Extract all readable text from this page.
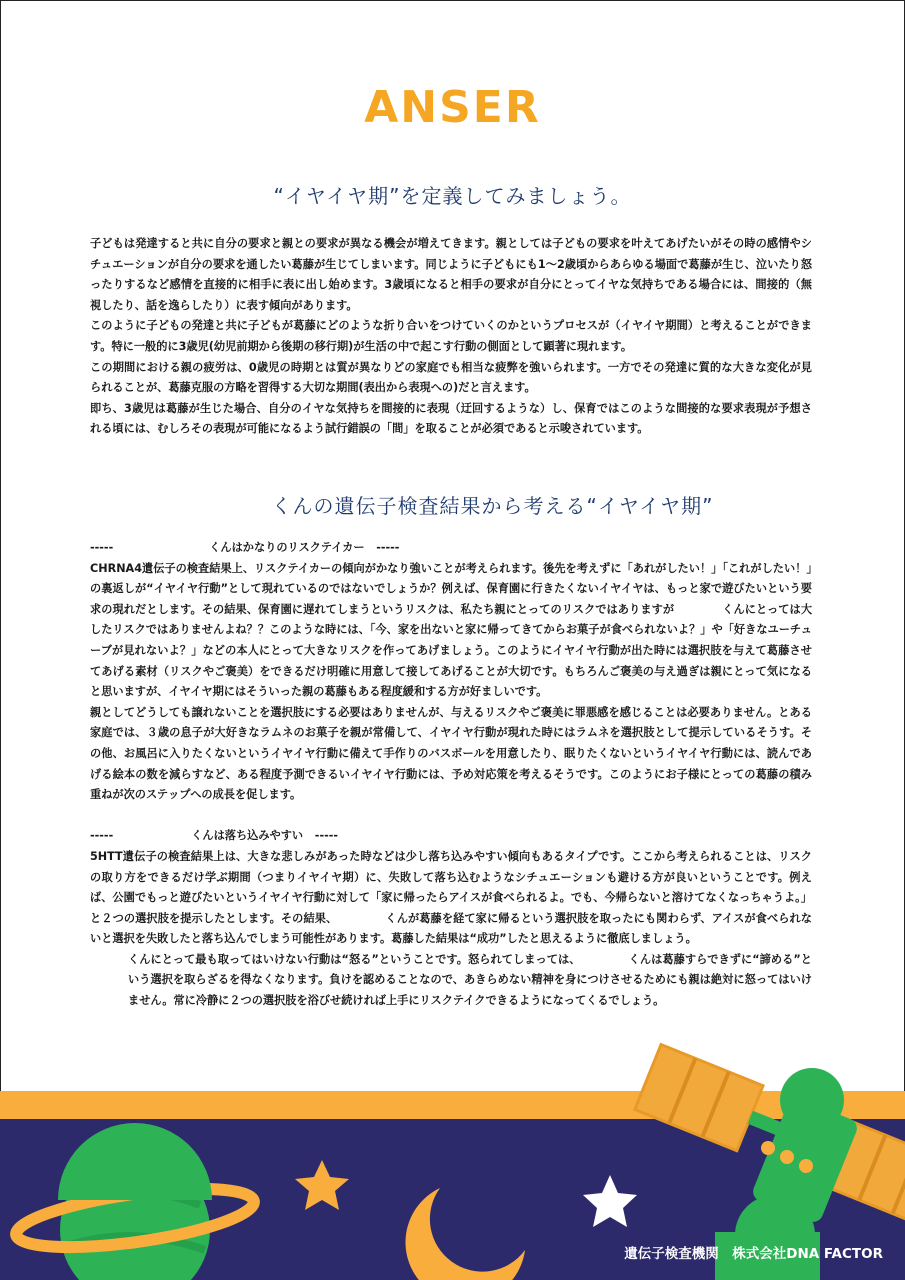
ANSER
“イヤイヤ期”を定義してみましょう。

子どもは発達すると共に自分の要求と親との要求が異なる機会が増えてきます。親としては子どもの要求を叶えてあげたいがその時の感情やシチュエーションが自分の要求を通したい葛藤が生じてしまいます。同じように子どもにも1〜2歳頃からあらゆる場面で葛藤が生じ、泣いたり怒ったりするなど感情を直接的に相手に表に出し始めます。3歳頃になると相手の要求が自分にとってイヤな気持ちである場合には、間接的（無視したり、話を逸らしたり）に表す傾向があります。

このように子どもの発達と共に子どもが葛藤にどのような折り合いをつけていくのかというプロセスが（イヤイヤ期間）と考えることができます。特に一般的に3歳児(幼児前期から後期の移行期)が生活の中で起こす行動の側面として顕著に現れます。

この期間における親の疲労は、0歳児の時期とは質が異なりどの家庭でも相当な疲弊を強いられます。一方でその発達に質的な大きな変化が見られることが、葛藤克服の方略を習得する大切な期間(表出から表現への)だと言えます。

即ち、3歳児は葛藤が生じた場合、自分のイヤな気持ちを間接的に表現（迂回するような）し、保育ではこのような間接的な要求表現が予想される頃には、むしろその表現が可能になるよう試行錯誤の「間」を取ることが必須であると示唆されています。

くんの遺伝子検査結果から考える“イヤイヤ期”

-----	くんはかなりのリスクテイカー -----

CHRNA4遺伝子の検査結果上、リスクテイカーの傾向がかなり強いことが考えられます。後先を考えずに「あれがしたい！」「これがしたい！」の裏返しが“イヤイヤ行動”として現れているのではないでしょうか？例えば、保育園に行きたくないイヤイヤは、もっと家で遊びたいという要求の現れだとします。その結果、保育園に遅れてしまうというリスクは、私たち親にとってのリスクではありますが	くんにとっては大したリスクではありませんよね？？このような時には、「今、家を出ないと家に帰ってきてからお菓子が食べられないよ？」や「好きなユーチューブが見れないよ？」などの本人にとって大きなリスクを作ってあげましょう。このようにイヤイヤ行動が出た時には選択肢を与えて葛藤させてあげる素材（リスクやご褒美）をできるだけ明確に用意して接してあげることが大切です。もちろんご褒美の与え過ぎは親にとって気になると思いますが、イヤイヤ期にはそういった親の葛藤もある程度緩和する方が好ましいです。

親としてどうしても譲れないことを選択肢にする必要はありませんが、与えるリスクやご褒美に罪悪感を感じることは必要ありません。とある家庭では、３歳の息子が大好きなラムネのお菓子を親が常備して、イヤイヤ行動が現れた時にはラムネを選択肢として提示しているそうす。その他、お風呂に入りたくないというイヤイヤ行動に備えて手作りのバスボールを用意したり、眠りたくないというイヤイヤ行動には、読んであげる絵本の数を減らすなど、ある程度予測できるいイヤイヤ行動には、予め対応策を考えるそうです。このようにお子様にとっての葛藤の積み重ねが次のステップへの成長を促します。

-----	くんは落ち込みやすい -----

5HTT遺伝子の検査結果上は、大きな悲しみがあった時などは少し落ち込みやすい傾向もあるタイプです。ここから考えられることは、リスクの取り方をできるだけ学ぶ期間（つまりイヤイヤ期）に、失敗して落ち込むようなシチュエーションも避ける方が良いということです。例えば、公園でもっと遊びたいというイヤイヤ行動に対して「家に帰ったらアイスが食べられるよ。でも、今帰らないと溶けてなくなっちゃうよ。」と２つの選択肢を提示したとします。その結果、	くんが葛藤を経て家に帰るという選択肢を取ったにも関わらず、アイスが食べられないと選択を失敗したと落ち込んでしまう可能性があります。葛藤した結果は“成功”したと思えるように徹底しましょう。

くんにとって最も取ってはいけない行動は“怒る”ということです。怒られてしまっては、	くんは葛藤すらできずに“諦める”という選択を取らざるを得なくなります。負けを認めることなので、あきらめない精神を身につけさせるためにも親は絶対に怒ってはいけません。常に冷静に２つの選択肢を浴びせ続ければ上手にリスクテイクできるようになってくるでしょう。

遺伝子検査機関　株式会社DNA FACTOR
